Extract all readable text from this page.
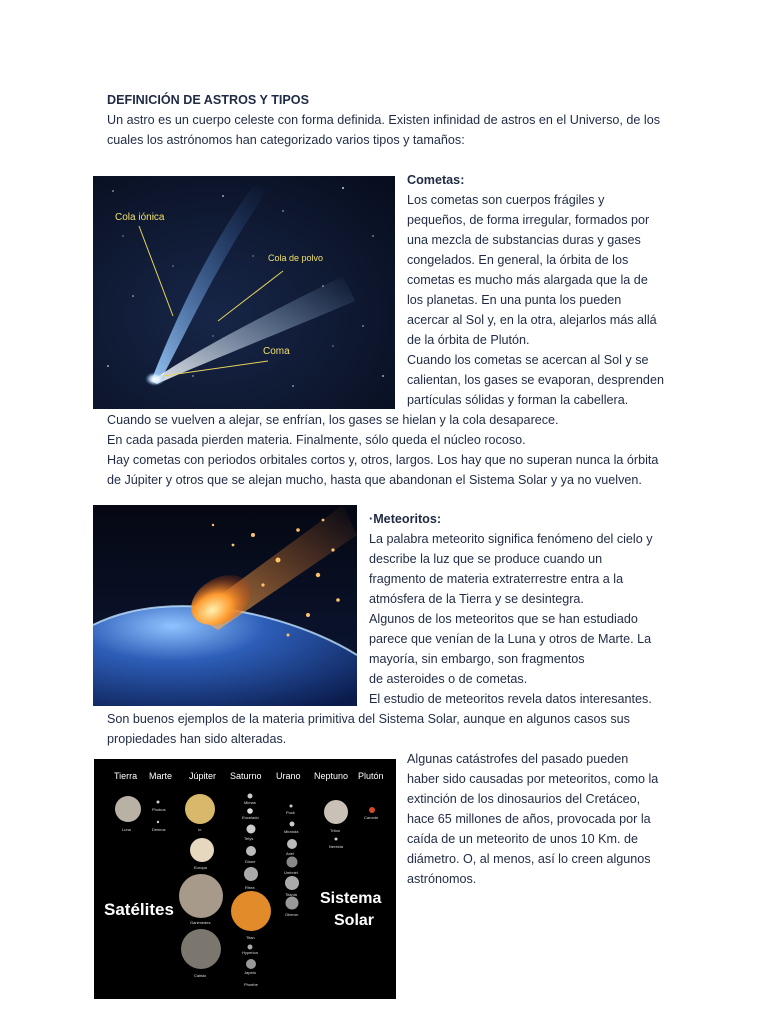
DEFINICIÓN DE ASTROS Y TIPOS
Un astro es un cuerpo celeste con forma definida. Existen infinidad de astros en el Universo, de los
cuales los astrónomos han categorizado varios tipos y tamaños:
Cola iónica
Cola de polvo
Coma
Cometas:
Los cometas son cuerpos frágiles y
pequeños, de forma irregular, formados por
una mezcla de substancias duras y gases
congelados. En general, la órbita de los
cometas es mucho más alargada que la de
los planetas. En una punta los pueden
acercar al Sol y, en la otra, alejarlos más allá
de la órbita de Plutón.
Cuando los cometas se acercan al Sol y se
calientan, los gases se evaporan, desprenden
partículas sólidas y forman la cabellera.
Cuando se vuelven a alejar, se enfrían, los gases se hielan y la cola desaparece.
En cada pasada pierden materia. Finalmente, sólo queda el núcleo rocoso.
Hay cometas con periodos orbitales cortos y, otros, largos. Los hay que no superan nunca la órbita
de Júpiter y otros que se alejan mucho, hasta que abandonan el Sistema Solar y ya no vuelven.
·Meteoritos:
La palabra meteorito significa fenómeno del cielo y
describe la luz que se produce cuando un
fragmento de materia extraterrestre entra a la
atmósfera de la Tierra y se desintegra.
Algunos de los meteoritos que se han estudiado
parece que venían de la Luna y otros de Marte. La
mayoría, sin embargo, son fragmentos
de asteroides o de cometas.
El estudio de meteoritos revela datos interesantes.
Son buenos ejemplos de la materia primitiva del Sistema Solar, aunque en algunos casos sus
propiedades han sido alteradas.
Tierra Marte Júpiter Saturno Urano Neptuno Plutón
Luna
Phobos
Deimos	Io
Europa
Ganimedes
Calisto
Mimas
Encelado
Tetys
Dione
Rhea
Titan
Hyperion
Japeto
Phoebe
Puck
Miranda
Ariel
Umbriel
Titania
Oberon
Triton
Nereida
Caronte
Satélites
Sistema
Solar
Algunas catástrofes del pasado pueden
haber sido causadas por meteoritos, como la
extinción de los dinosaurios del Cretáceo,
hace 65 millones de años, provocada por la
caída de un meteorito de unos 10 Km. de
diámetro. O, al menos, así lo creen algunos
astrónomos.
